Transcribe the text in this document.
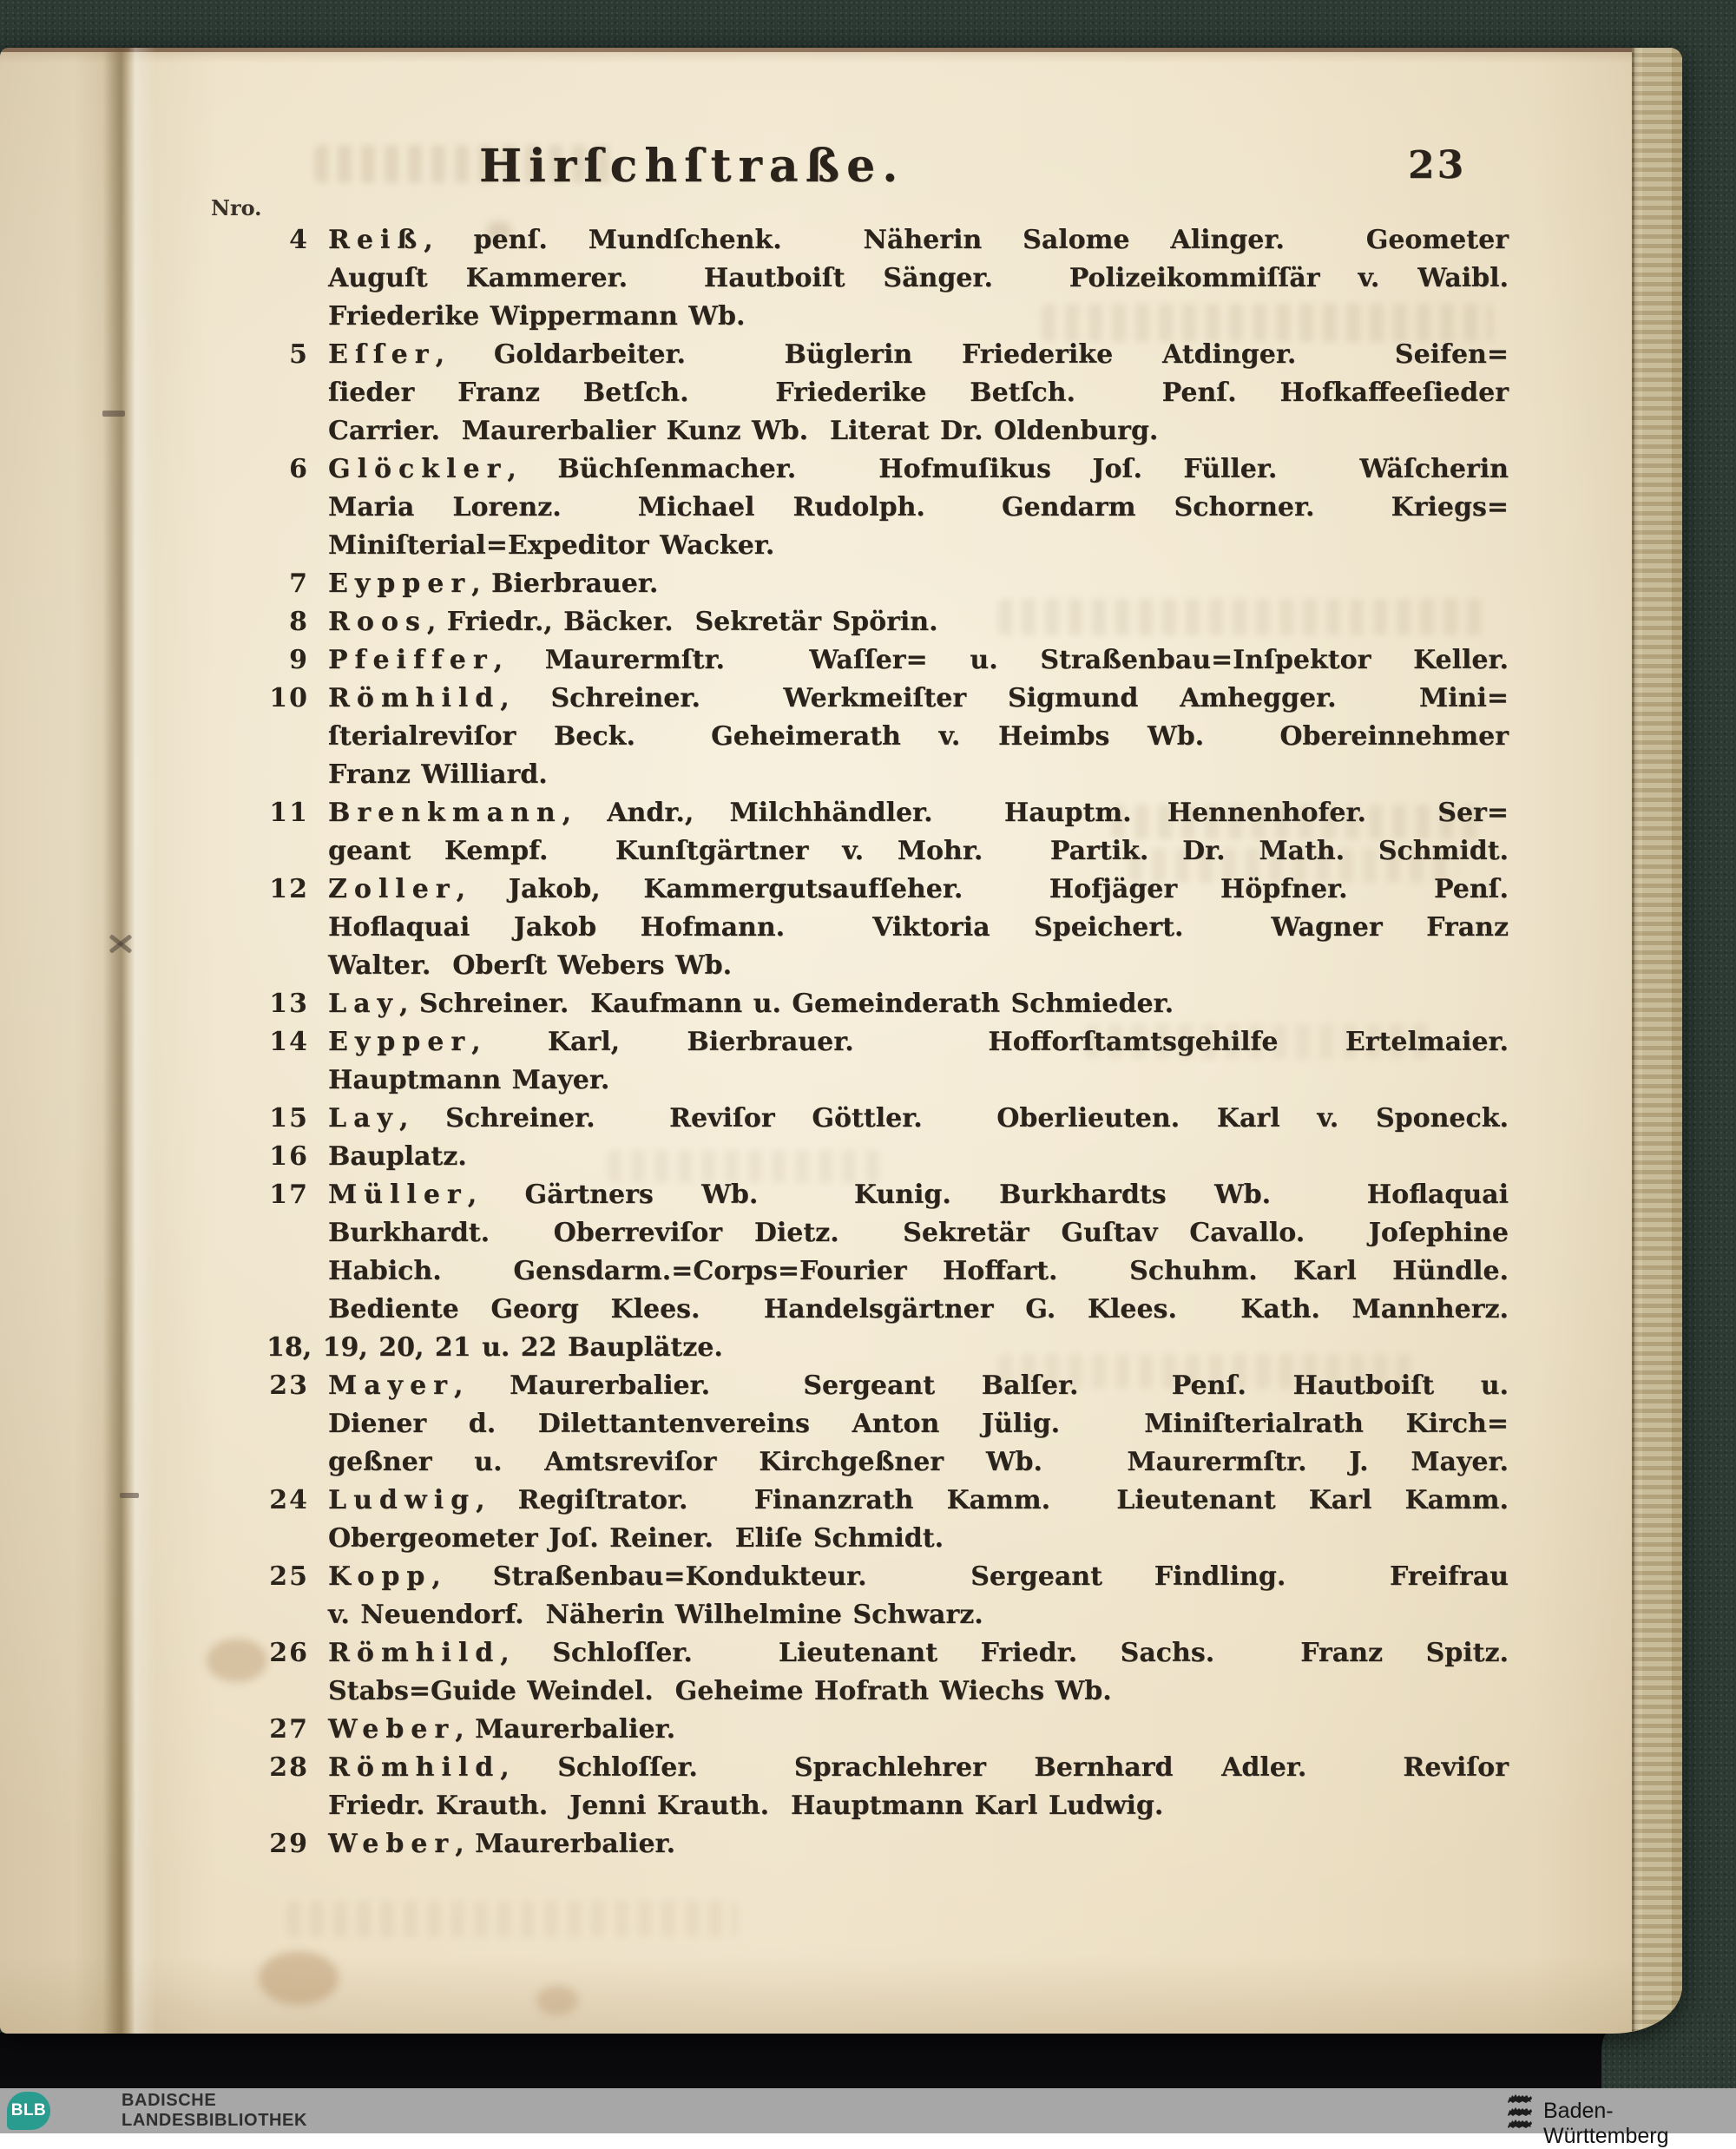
Hirſchſtraße.	23
Nro.
4 Reiß, penſ. Mundſchenk.  Näherin Salome Alinger.  Geometer
Auguſt Kammerer.  Hautboiſt Sänger.  Polizeikommiſſär v. Waibl.
Friederike Wippermann Wb.
5 Eſſer, Goldarbeiter.  Büglerin Friederike Atdinger.  Seifen=
ſieder Franz Betſch.  Friederike Betſch.  Penſ. Hofkaffeeſieder
Carrier.  Maurerbalier Kunz Wb.  Literat Dr. Oldenburg.
6 Glöckler, Büchſenmacher.  Hofmuſikus Joſ. Füller.  Wäſcherin
Maria Lorenz.  Michael Rudolph.  Gendarm Schorner.  Kriegs=
Miniſterial=Expeditor Wacker.
7 Eypper, Bierbrauer.
8 Roos, Friedr., Bäcker.  Sekretär Spörin.
9 Pfeiffer, Maurermſtr.  Waſſer= u. Straßenbau=Inſpektor Keller.
10 Römhild, Schreiner.  Werkmeiſter Sigmund Amhegger.  Mini=
ſterialreviſor Beck.  Geheimerath v. Heimbs Wb.  Obereinnehmer
Franz Williard.
11 Brenkmann, Andr., Milchhändler.  Hauptm. Hennenhofer.  Ser=
geant Kempf.  Kunſtgärtner v. Mohr.  Partik. Dr. Math. Schmidt.
12 Zoller, Jakob, Kammergutsaufſeher.  Hofjäger Höpfner.  Penſ.
Hoflaquai Jakob Hofmann.  Viktoria Speichert.  Wagner Franz
Walter.  Oberſt Webers Wb.
13 Lay, Schreiner.  Kaufmann u. Gemeinderath Schmieder.
14 Eypper, Karl, Bierbrauer.  Hofforſtamtsgehilfe Ertelmaier.
Hauptmann Mayer.
15 Lay, Schreiner.  Reviſor Göttler.  Oberlieuten. Karl v. Sponeck.
16 Bauplatz.
17 Müller, Gärtners Wb.  Kunig. Burkhardts Wb.  Hoflaquai
Burkhardt.  Oberreviſor Dietz.  Sekretär Guſtav Cavallo.  Joſephine
Habich.  Gensdarm.=Corps=Fourier Hoffart.  Schuhm. Karl Hündle.
Bediente Georg Klees.  Handelsgärtner G. Klees.  Kath. Mannherz.
18, 19, 20, 21 u. 22 Bauplätze.
23 Mayer, Maurerbalier.  Sergeant Balſer.  Penſ. Hautboiſt u.
Diener d. Dilettantenvereins Anton Jülig.  Miniſterialrath Kirch=
geßner u. Amtsreviſor Kirchgeßner Wb.  Maurermſtr. J. Mayer.
24 Ludwig, Regiſtrator.  Finanzrath Kamm.  Lieutenant Karl Kamm.
Obergeometer Joſ. Reiner.  Eliſe Schmidt.
25 Kopp, Straßenbau=Kondukteur.  Sergeant Findling.  Freifrau
v. Neuendorf.  Näherin Wilhelmine Schwarz.
26 Römhild, Schloſſer.  Lieutenant Friedr. Sachs.  Franz Spitz.
Stabs=Guide Weindel.  Geheime Hofrath Wiechs Wb.
27 Weber, Maurerbalier.
28 Römhild, Schloſſer.  Sprachlehrer Bernhard Adler.  Reviſor
Friedr. Krauth.  Jenni Krauth.  Hauptmann Karl Ludwig.
29 Weber, Maurerbalier.
BLB
BADISCHE
LANDESBIBLIOTHEK	Baden-Württemberg
